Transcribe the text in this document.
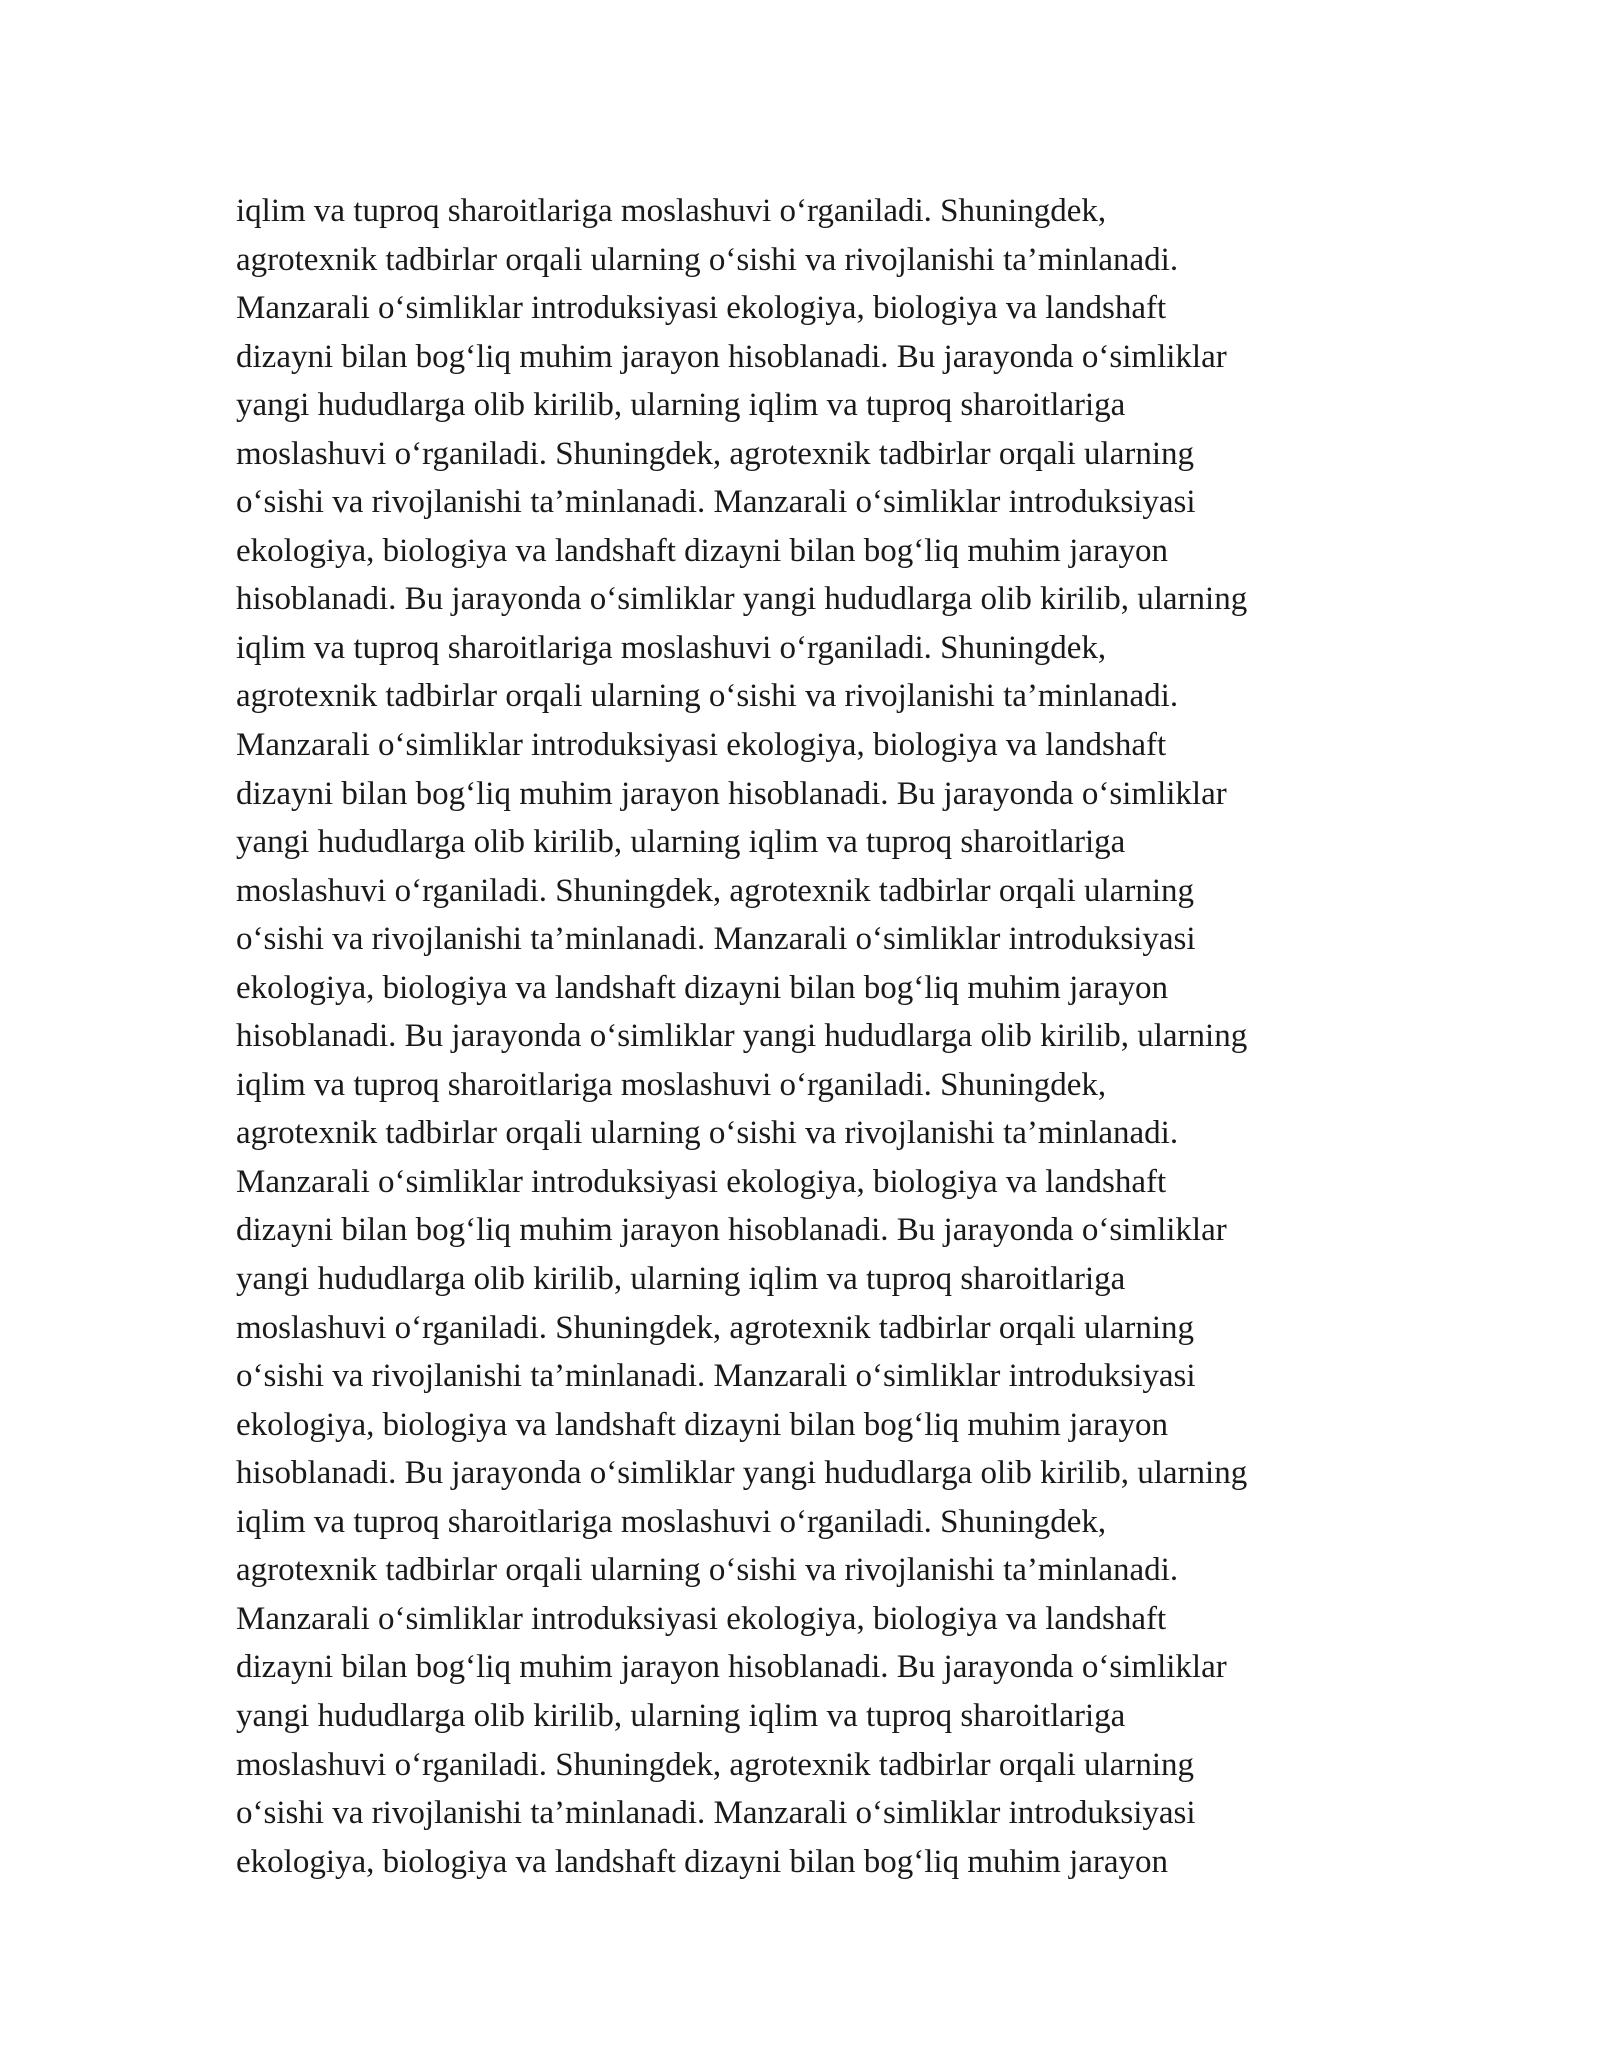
iqlim va tuproq sharoitlariga moslashuvi o‘rganiladi. Shuningdek,
agrotexnik tadbirlar orqali ularning o‘sishi va rivojlanishi ta’minlanadi.
Manzarali o‘simliklar introduksiyasi ekologiya, biologiya va landshaft
dizayni bilan bog‘liq muhim jarayon hisoblanadi. Bu jarayonda o‘simliklar
yangi hududlarga olib kirilib, ularning iqlim va tuproq sharoitlariga
moslashuvi o‘rganiladi. Shuningdek, agrotexnik tadbirlar orqali ularning
o‘sishi va rivojlanishi ta’minlanadi. Manzarali o‘simliklar introduksiyasi
ekologiya, biologiya va landshaft dizayni bilan bog‘liq muhim jarayon
hisoblanadi. Bu jarayonda o‘simliklar yangi hududlarga olib kirilib, ularning
iqlim va tuproq sharoitlariga moslashuvi o‘rganiladi. Shuningdek,
agrotexnik tadbirlar orqali ularning o‘sishi va rivojlanishi ta’minlanadi.
Manzarali o‘simliklar introduksiyasi ekologiya, biologiya va landshaft
dizayni bilan bog‘liq muhim jarayon hisoblanadi. Bu jarayonda o‘simliklar
yangi hududlarga olib kirilib, ularning iqlim va tuproq sharoitlariga
moslashuvi o‘rganiladi. Shuningdek, agrotexnik tadbirlar orqali ularning
o‘sishi va rivojlanishi ta’minlanadi. Manzarali o‘simliklar introduksiyasi
ekologiya, biologiya va landshaft dizayni bilan bog‘liq muhim jarayon
hisoblanadi. Bu jarayonda o‘simliklar yangi hududlarga olib kirilib, ularning
iqlim va tuproq sharoitlariga moslashuvi o‘rganiladi. Shuningdek,
agrotexnik tadbirlar orqali ularning o‘sishi va rivojlanishi ta’minlanadi.
Manzarali o‘simliklar introduksiyasi ekologiya, biologiya va landshaft
dizayni bilan bog‘liq muhim jarayon hisoblanadi. Bu jarayonda o‘simliklar
yangi hududlarga olib kirilib, ularning iqlim va tuproq sharoitlariga
moslashuvi o‘rganiladi. Shuningdek, agrotexnik tadbirlar orqali ularning
o‘sishi va rivojlanishi ta’minlanadi. Manzarali o‘simliklar introduksiyasi
ekologiya, biologiya va landshaft dizayni bilan bog‘liq muhim jarayon
hisoblanadi. Bu jarayonda o‘simliklar yangi hududlarga olib kirilib, ularning
iqlim va tuproq sharoitlariga moslashuvi o‘rganiladi. Shuningdek,
agrotexnik tadbirlar orqali ularning o‘sishi va rivojlanishi ta’minlanadi.
Manzarali o‘simliklar introduksiyasi ekologiya, biologiya va landshaft
dizayni bilan bog‘liq muhim jarayon hisoblanadi. Bu jarayonda o‘simliklar
yangi hududlarga olib kirilib, ularning iqlim va tuproq sharoitlariga
moslashuvi o‘rganiladi. Shuningdek, agrotexnik tadbirlar orqali ularning
o‘sishi va rivojlanishi ta’minlanadi. Manzarali o‘simliklar introduksiyasi
ekologiya, biologiya va landshaft dizayni bilan bog‘liq muhim jarayon
